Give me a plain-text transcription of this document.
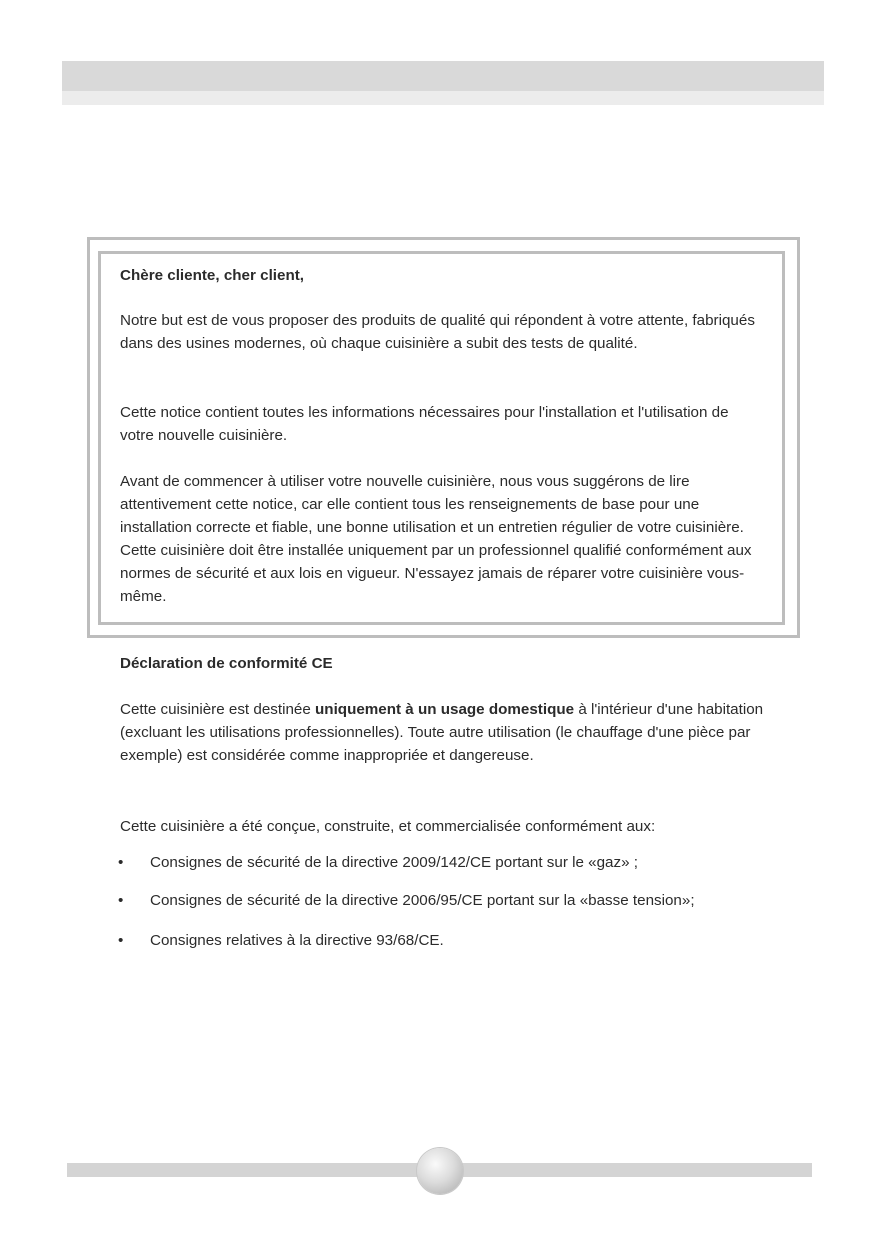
Chère cliente, cher client,

Notre but est de vous proposer des produits de qualité qui répondent à votre attente, fabriqués dans des usines modernes, où chaque cuisinière a subit des tests de qualité.

Cette notice contient toutes les informations nécessaires pour l'installation et l'utilisation de votre nouvelle cuisinière.

Avant de commencer à utiliser votre nouvelle cuisinière, nous vous suggérons de lire attentivement cette notice, car elle contient tous les renseignements de base pour une installation correcte et fiable, une bonne utilisation et un entretien régulier de votre cuisinière. Cette cuisinière doit être installée uniquement par un professionnel qualifié conformément aux normes de sécurité et aux lois en vigueur. N'essayez jamais de réparer votre cuisinière vous-même.

Déclaration de conformité CE

Cette cuisinière est destinée uniquement à un usage domestique à l'intérieur d'une habitation (excluant les utilisations professionnelles). Toute autre utilisation (le chauffage d'une pièce par exemple) est considérée comme inappropriée et dangereuse.

Cette cuisinière a été conçue, construite, et commercialisée conformément aux:

• Consignes de sécurité de la directive 2009/142/CE portant sur le «gaz» ;
• Consignes de sécurité de la directive 2006/95/CE portant sur la «basse tension»;
• Consignes relatives à la directive 93/68/CE.
